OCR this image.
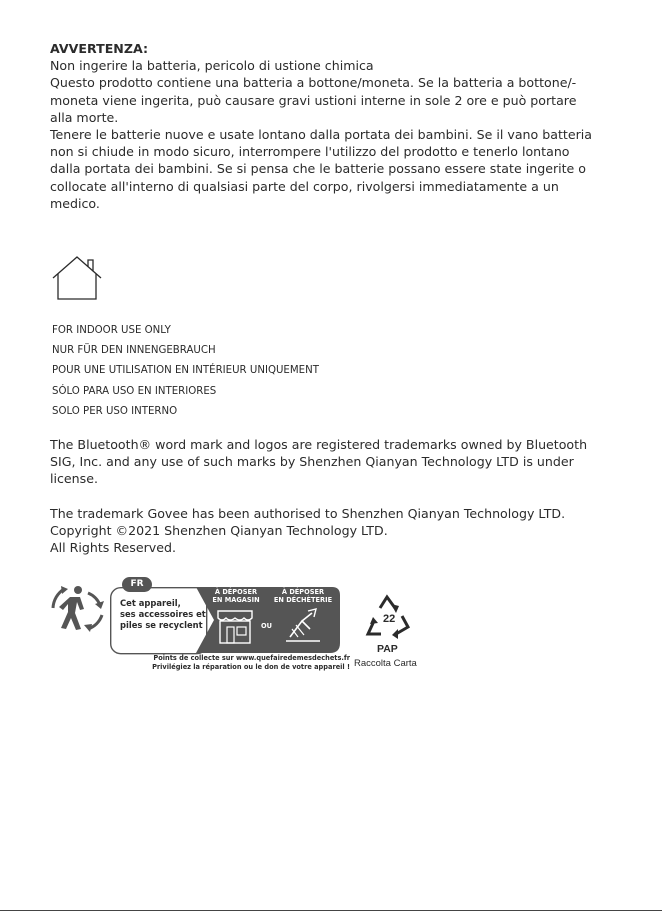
AVVERTENZA:

Non ingerire la batteria, pericolo di ustione chimica

Questo prodotto contiene una batteria a bottone/moneta. Se la batteria a bottone/-

moneta viene ingerita, può causare gravi ustioni interne in sole 2 ore e può portare

alla morte.

Tenere le batterie nuove e usate lontano dalla portata dei bambini. Se il vano batteria

non si chiude in modo sicuro, interrompere l'utilizzo del prodotto e tenerlo lontano

dalla portata dei bambini. Se si pensa che le batterie possano essere state ingerite o

collocate all'interno di qualsiasi parte del corpo, rivolgersi immediatamente a un

medico.

FOR INDOOR USE ONLY
NUR FÜR DEN INNENGEBRAUCH
POUR UNE UTILISATION EN INTÉRIEUR UNIQUEMENT
SÓLO PARA USO EN INTERIORES
SOLO PER USO INTERNO

The Bluetooth® word mark and logos are registered trademarks owned by Bluetooth

SIG, Inc. and any use of such marks by Shenzhen Qianyan Technology LTD is under

license.

The trademark Govee has been authorised to Shenzhen Qianyan Technology LTD.

Copyright ©2021 Shenzhen Qianyan Technology LTD.

All Rights Reserved.

FR
Cet appareil,
ses accessoires et
piles se recyclent
À DÉPOSER
EN MAGASIN
À DÉPOSER
EN DÉCHÈTERIE
OU
Points de collecte sur www.quefairedemesdechets.fr
Privilégiez la réparation ou le don de votre appareil !
22
PAP
Raccolta Carta
